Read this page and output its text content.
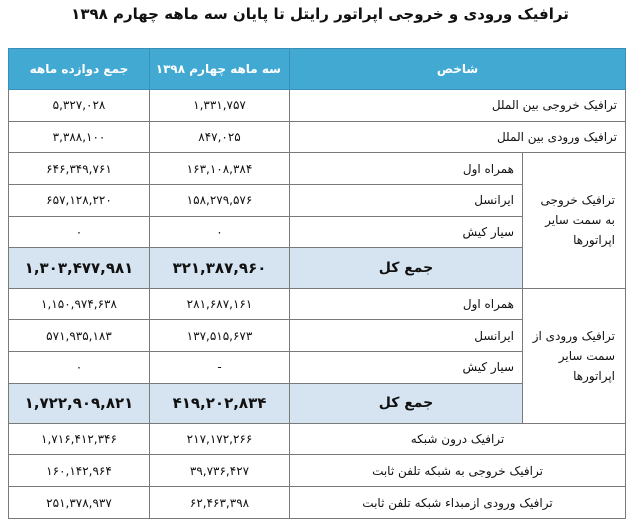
ترافیک ورودی و خروجی اپراتور رایتل تا پایان سه ماهه چهارم ۱۳۹۸
شاخص		سه ماهه چهارم ۱۳۹۸	جمع دوازده ماهه
ترافیک خروجی بین الملل		۱,۳۳۱,۷۵۷	۵,۳۲۷,۰۲۸
ترافیک ورودی بین الملل		۸۴۷,۰۲۵	۳,۳۸۸,۱۰۰
ترافیک خروجی به سمت سایر اپراتورها	همراه اول	۱۶۳,۱۰۸,۳۸۴	۶۴۶,۳۴۹,۷۶۱
	ایرانسل	۱۵۸,۲۷۹,۵۷۶	۶۵۷,۱۲۸,۲۲۰
	سیار کیش	۰	۰
	جمع کل	۳۲۱,۳۸۷,۹۶۰	۱,۳۰۳,۴۷۷,۹۸۱
ترافیک ورودی از سمت سایر اپراتورها	همراه اول	۲۸۱,۶۸۷,۱۶۱	۱,۱۵۰,۹۷۴,۶۳۸
	ایرانسل	۱۳۷,۵۱۵,۶۷۳	۵۷۱,۹۳۵,۱۸۳
	سیار کیش	-	۰
	جمع کل	۴۱۹,۲۰۲,۸۳۴	۱,۷۲۲,۹۰۹,۸۲۱
ترافیک درون شبکه		۲۱۷,۱۷۲,۲۶۶	۱,۷۱۶,۴۱۲,۳۴۶
ترافیک خروجی به شبکه تلفن ثابت		۳۹,۷۳۶,۴۲۷	۱۶۰,۱۴۲,۹۶۴
ترافیک ورودی ازمبداء شبکه تلفن ثابت		۶۲,۴۶۳,۳۹۸	۲۵۱,۳۷۸,۹۳۷
